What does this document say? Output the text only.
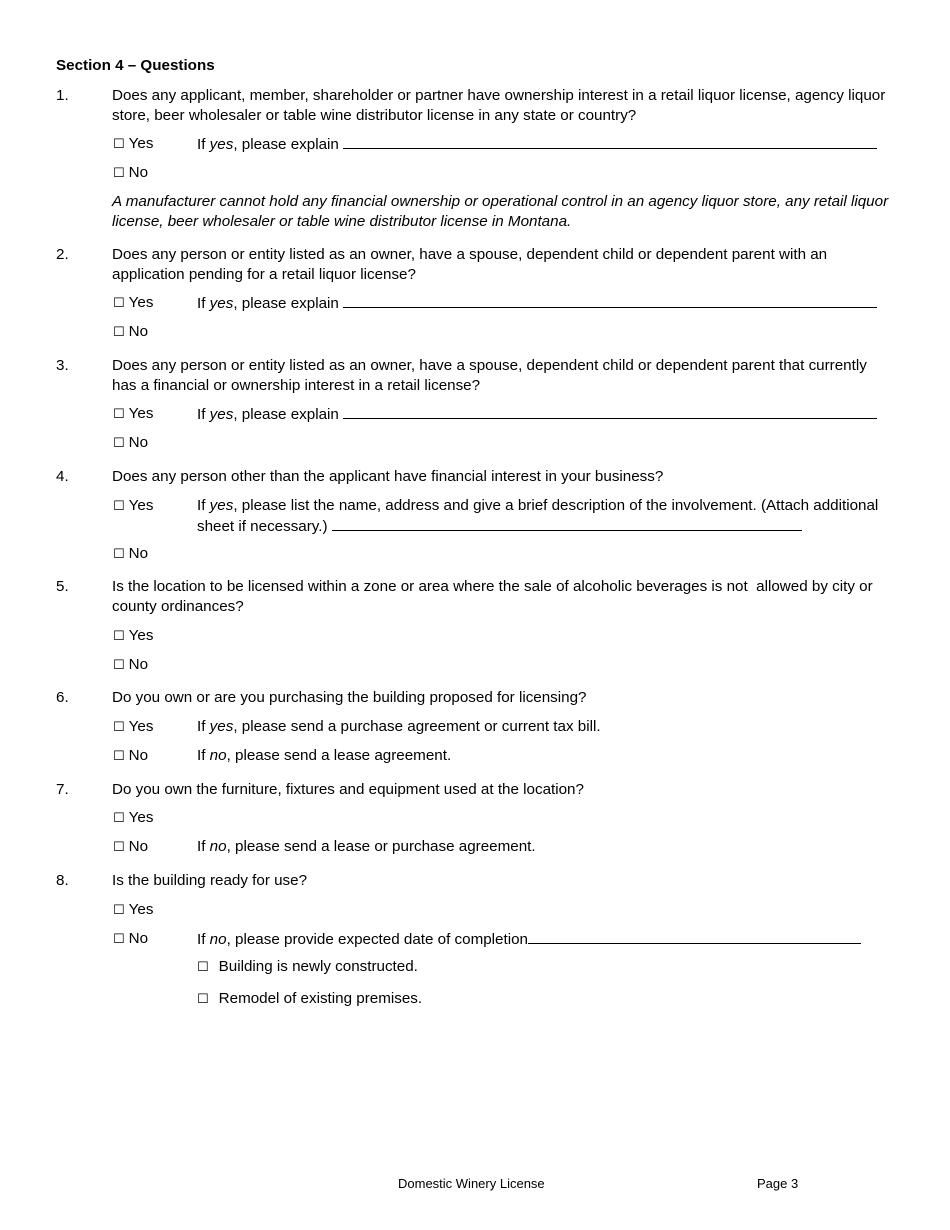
Section 4 – Questions
1.	Does any applicant, member, shareholder or partner have ownership interest in a retail liquor license, agency liquor store, beer wholesaler or table wine distributor license in any state or country?
☐ Yes	If yes, please explain
☐ No
A manufacturer cannot hold any financial ownership or operational control in an agency liquor store, any retail liquor license, beer wholesaler or table wine distributor license in Montana.
2.	Does any person or entity listed as an owner, have a spouse, dependent child or dependent parent with an application pending for a retail liquor license?
☐ Yes	If yes, please explain
☐ No
3.	Does any person or entity listed as an owner, have a spouse, dependent child or dependent parent that currently has a financial or ownership interest in a retail license?
☐ Yes	If yes, please explain
☐ No
4.	Does any person other than the applicant have financial interest in your business?
☐ Yes	If yes, please list the name, address and give a brief description of the involvement. (Attach additional sheet if necessary.)
☐ No
5.	Is the location to be licensed within a zone or area where the sale of alcoholic beverages is not  allowed by city or county ordinances?
☐ Yes
☐ No
6.	Do you own or are you purchasing the building proposed for licensing?
☐ Yes	If yes, please send a purchase agreement or current tax bill.
☐ No	If no, please send a lease agreement.
7.	Do you own the furniture, fixtures and equipment used at the location?
☐ Yes
☐ No	If no, please send a lease or purchase agreement.
8.	Is the building ready for use?
☐ Yes
☐ No	If no, please provide expected date of completion
☐ Building is newly constructed.
☐ Remodel of existing premises.
Domestic Winery License	Page 3
